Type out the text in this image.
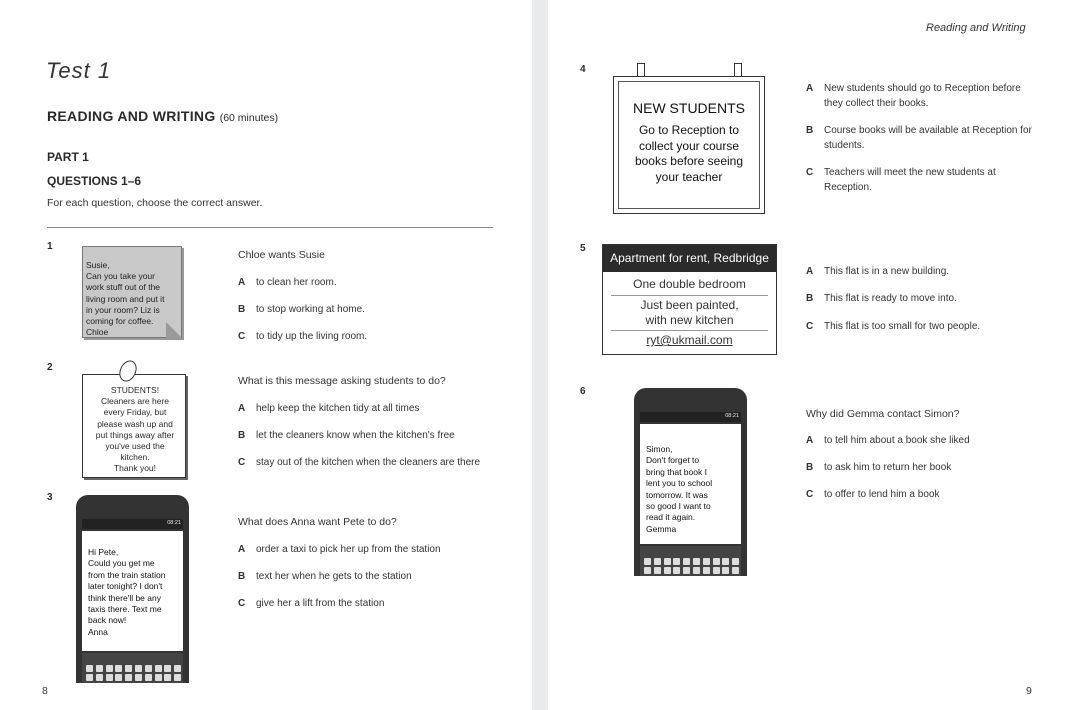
Test 1
READING AND WRITING (60 minutes)
PART 1
QUESTIONS 1–6
For each question, choose the correct answer.
1
Susie,
Can you take your
work stuff out of the
living room and put it
in your room? Liz is
coming for coffee.
Chloe
Chloe wants Susie
A to clean her room.
B to stop working at home.
C to tidy up the living room.
2
STUDENTS!
Cleaners are here
every Friday, but
please wash up and
put things away after
you've used the
kitchen.
Thank you!
What is this message asking students to do?
A help keep the kitchen tidy at all times
B let the cleaners know when the kitchen's free
C stay out of the kitchen when the cleaners are there
3
08:21
Hi Pete,
Could you get me
from the train station
later tonight? I don't
think there'll be any
taxis there. Text me
back now!
Anna
What does Anna want Pete to do?
A order a taxi to pick her up from the station
B text her when he gets to the station
C give her a lift from the station
8
Reading and Writing
4
NEW STUDENTS
Go to Reception to
collect your course
books before seeing
your teacher
A	New students should go to Reception before they collect their books.
B	Course books will be available at Reception for students.
C	Teachers will meet the new students at Reception.
5
Apartment for rent, Redbridge
One double bedroom
Just been painted,
with new kitchen
ryt@ukmail.com
A This flat is in a new building.
B This flat is ready to move into.
C This flat is too small for two people.
6
08:21
Simon,
Don't forget to
bring that book I
lent you to school
tomorrow. It was
so good I want to
read it again.
Gemma
Why did Gemma contact Simon?
A to tell him about a book she liked
B to ask him to return her book
C to offer to lend him a book
9
